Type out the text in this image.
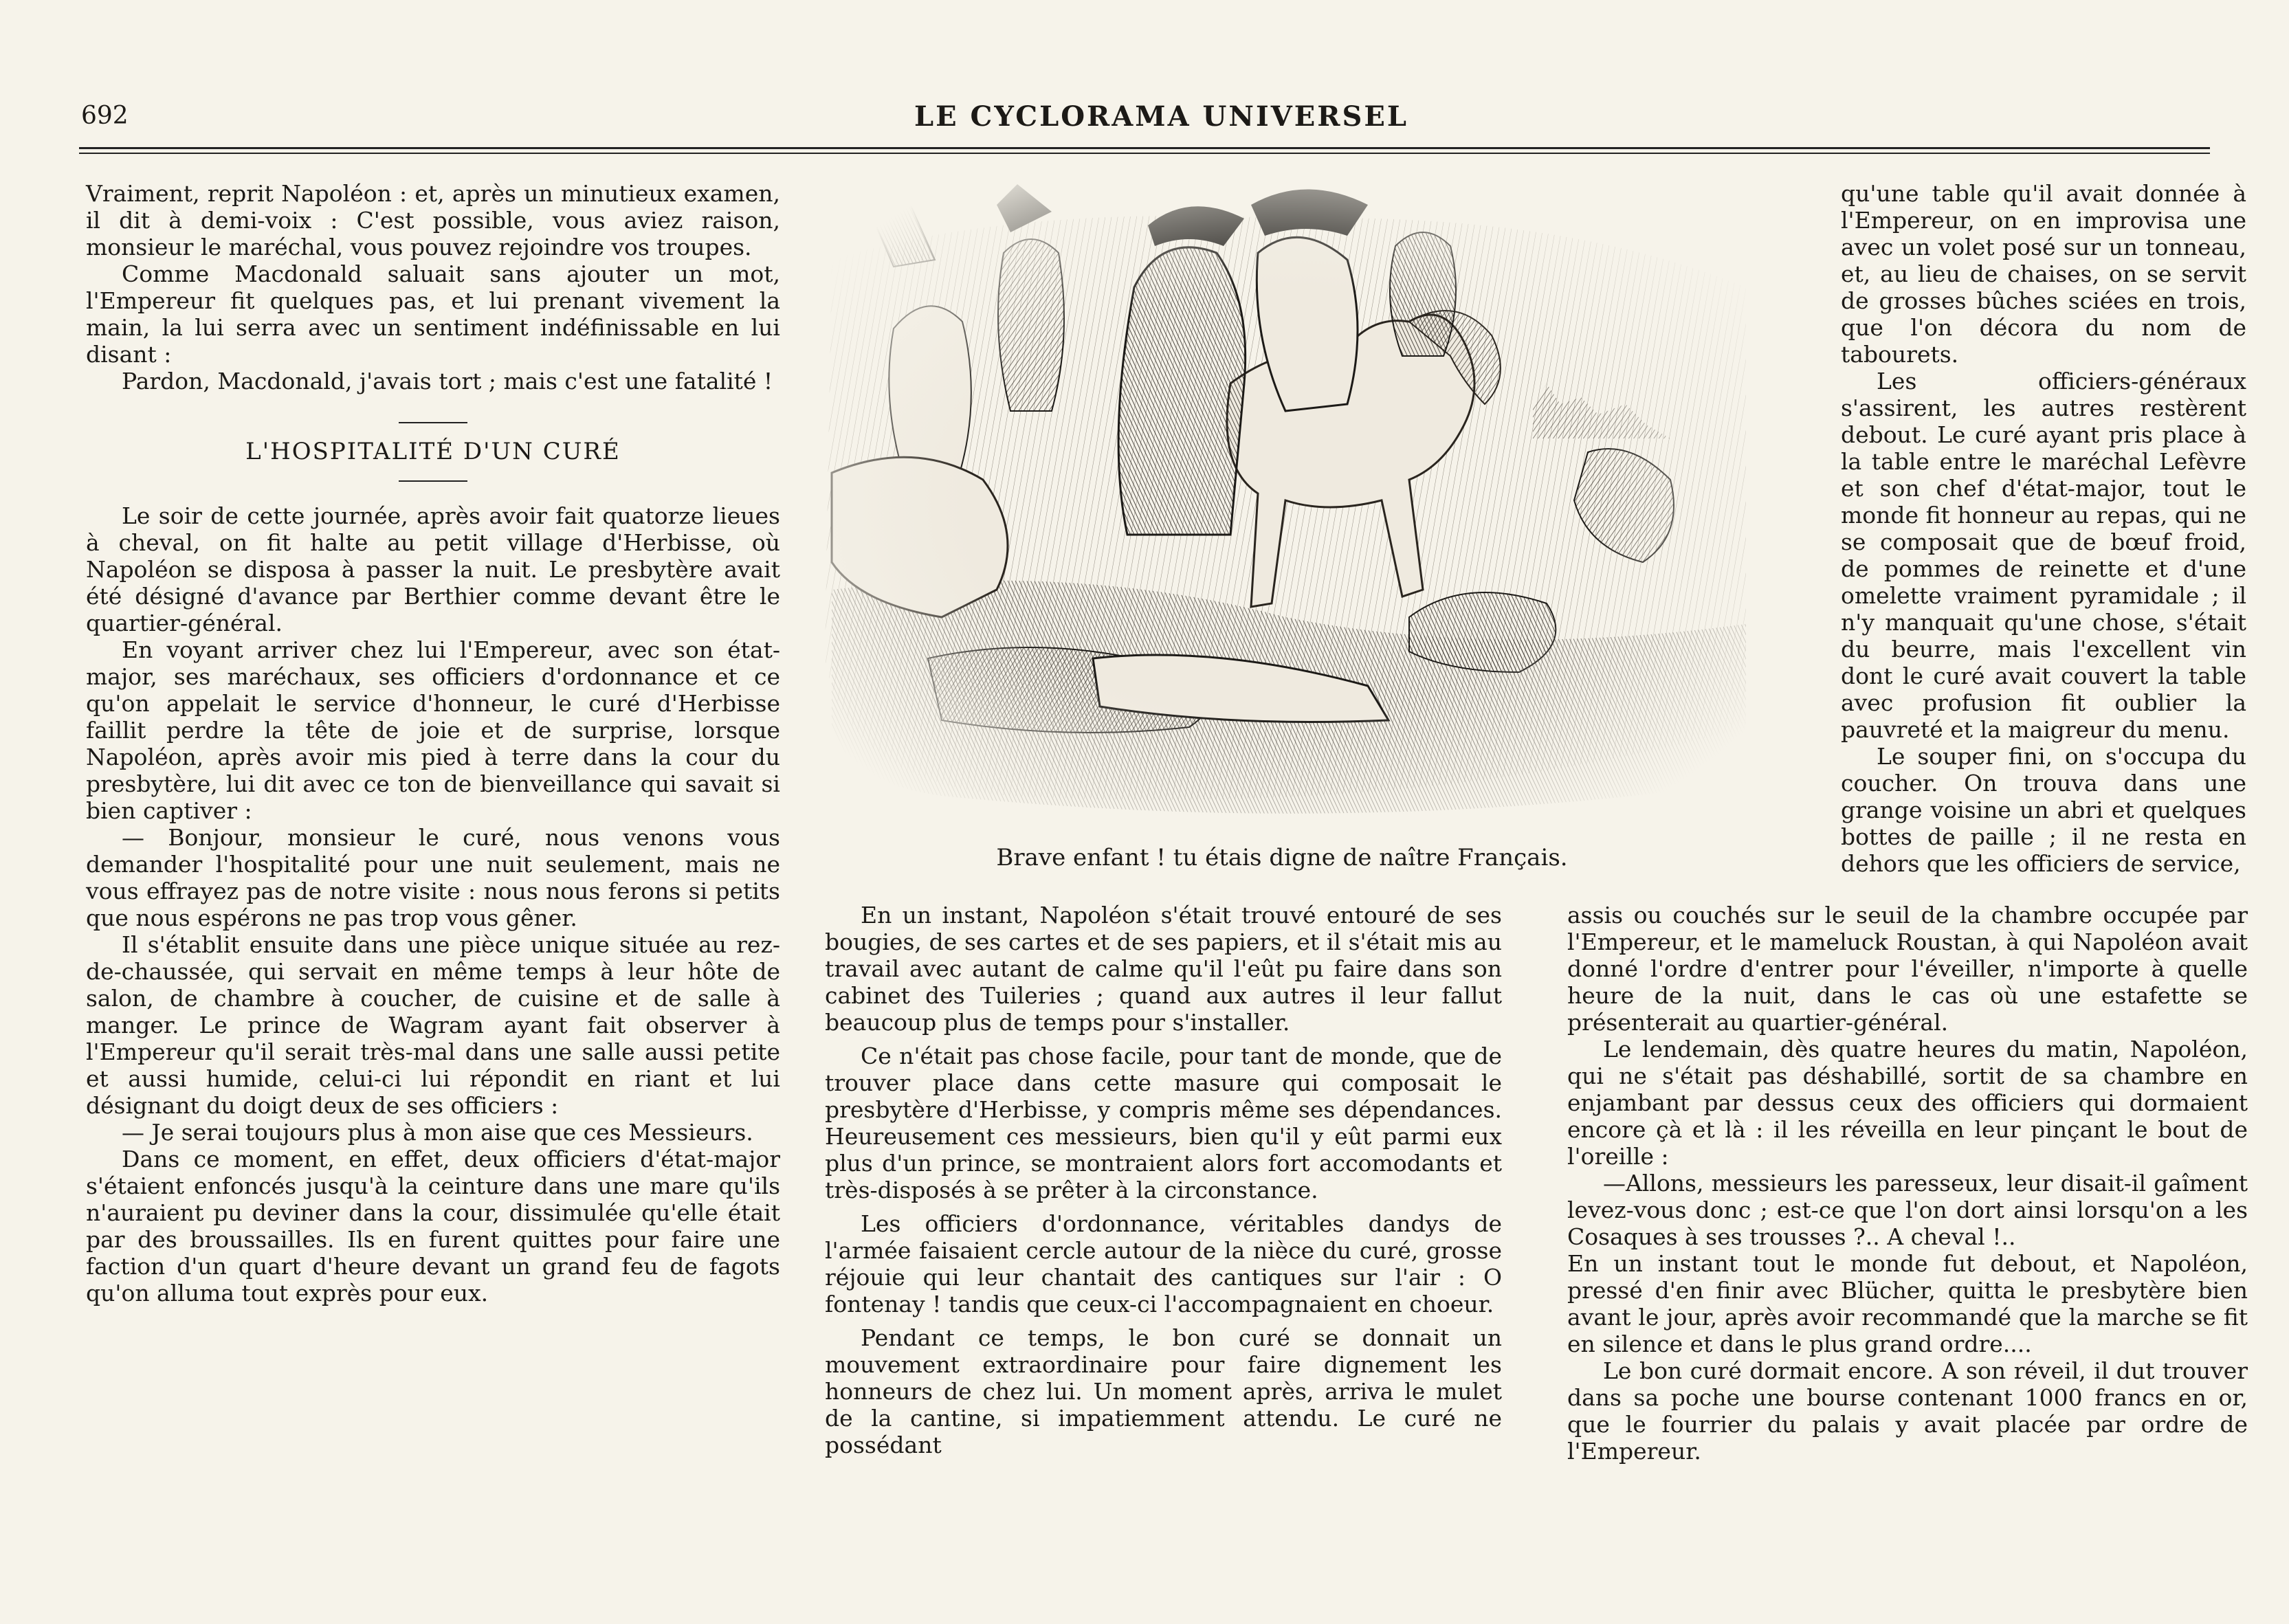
692	LE CYCLORAMA UNIVERSEL

Vraiment, reprit Napoléon : et, après un minutieux examen, il dit à demi-voix : C'est possible, vous aviez raison, monsieur le maréchal, vous pouvez rejoindre vos troupes.

Comme Macdonald saluait sans ajouter un mot, l'Empereur fit quelques pas, et lui prenant vivement la main, la lui serra avec un sentiment indéfinissable en lui disant :

Pardon, Macdonald, j'avais tort ; mais c'est une fatalité !

L'HOSPITALITÉ D'UN CURÉ

Le soir de cette journée, après avoir fait quatorze lieues à cheval, on fit halte au petit village d'Herbisse, où Napoléon se disposa à passer la nuit. Le presbytère avait été désigné d'avance par Berthier comme devant être le quartier-général.

En voyant arriver chez lui l'Empereur, avec son état-major, ses maréchaux, ses officiers d'ordonnance et ce qu'on appelait le service d'honneur, le curé d'Herbisse faillit perdre la tête de joie et de surprise, lorsque Napoléon, après avoir mis pied à terre dans la cour du presbytère, lui dit avec ce ton de bienveillance qui savait si bien captiver :

— Bonjour, monsieur le curé, nous venons vous demander l'hospitalité pour une nuit seulement, mais ne vous effrayez pas de notre visite : nous nous ferons si petits que nous espérons ne pas trop vous gêner.

Il s'établit ensuite dans une pièce unique située au rez-de-chaussée, qui servait en même temps à leur hôte de salon, de chambre à coucher, de cuisine et de salle à manger. Le prince de Wagram ayant fait observer à l'Empereur qu'il serait très-mal dans une salle aussi petite et aussi humide, celui-ci lui répondit en riant et lui désignant du doigt deux de ses officiers :

— Je serai toujours plus à mon aise que ces Messieurs.

Dans ce moment, en effet, deux officiers d'état-major s'étaient enfoncés jusqu'à la ceinture dans une mare qu'ils n'auraient pu deviner dans la cour, dissimulée qu'elle était par des broussailles. Ils en furent quittes pour faire une faction d'un quart d'heure devant un grand feu de fagots qu'on alluma tout exprès pour eux.

Brave enfant ! tu étais digne de naître Français.

qu'une table qu'il avait donnée à l'Empereur, on en improvisa une avec un volet posé sur un tonneau, et, au lieu de chaises, on se servit de grosses bûches sciées en trois, que l'on décora du nom de tabourets.

Les officiers-généraux s'assirent, les autres restèrent debout. Le curé ayant pris place à la table entre le maréchal Lefèvre et son chef d'état-major, tout le monde fit honneur au repas, qui ne se composait que de bœuf froid, de pommes de reinette et d'une omelette vraiment pyramidale ; il n'y manquait qu'une chose, s'était du beurre, mais l'excellent vin dont le curé avait couvert la table avec profusion fit oublier la pauvreté et la maigreur du menu.

Le souper fini, on s'occupa du coucher. On trouva dans une grange voisine un abri et quelques bottes de paille ; il ne resta en dehors que les officiers de service,

En un instant, Napoléon s'était trouvé entouré de ses bougies, de ses cartes et de ses papiers, et il s'était mis au travail avec autant de calme qu'il l'eût pu faire dans son cabinet des Tuileries ; quand aux autres il leur fallut beaucoup plus de temps pour s'installer.

Ce n'était pas chose facile, pour tant de monde, que de trouver place dans cette masure qui composait le presbytère d'Herbisse, y compris même ses dépendances. Heureusement ces messieurs, bien qu'il y eût parmi eux plus d'un prince, se montraient alors fort accomodants et très-disposés à se prêter à la circonstance.

Les officiers d'ordonnance, véritables dandys de l'armée faisaient cercle autour de la nièce du curé, grosse réjouie qui leur chantait des cantiques sur l'air : O fontenay ! tandis que ceux-ci l'accompagnaient en choeur.

Pendant ce temps, le bon curé se donnait un mouvement extraordinaire pour faire dignement les honneurs de chez lui. Un moment après, arriva le mulet de la cantine, si impatiemment attendu. Le curé ne possédant

assis ou couchés sur le seuil de la chambre occupée par l'Empereur, et le mameluck Roustan, à qui Napoléon avait donné l'ordre d'entrer pour l'éveiller, n'importe à quelle heure de la nuit, dans le cas où une estafette se présenterait au quartier-général.

Le lendemain, dès quatre heures du matin, Napoléon, qui ne s'était pas déshabillé, sortit de sa chambre en enjambant par dessus ceux des officiers qui dormaient encore çà et là : il les réveilla en leur pinçant le bout de l'oreille :

—Allons, messieurs les paresseux, leur disait-il gaîment levez-vous donc ; est-ce que l'on dort ainsi lorsqu'on a les Cosaques à ses trousses ?.. A cheval !..

En un instant tout le monde fut debout, et Napoléon, pressé d'en finir avec Blücher, quitta le presbytère bien avant le jour, après avoir recommandé que la marche se fit en silence et dans le plus grand ordre....

Le bon curé dormait encore. A son réveil, il dut trouver dans sa poche une bourse contenant 1000 francs en or, que le fourrier du palais y avait placée par ordre de l'Empereur.
